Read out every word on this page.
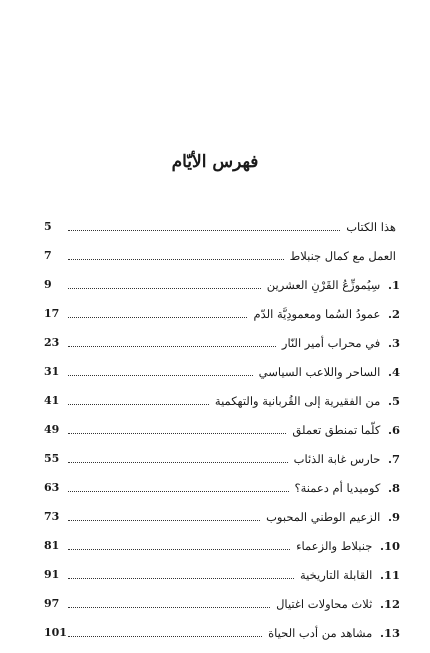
فهرس الأيّام
هذا الكتاب
5
العمل مع كمال جنبلاط
7
1. سِيُموزِّعُ القَرْنِ العشرين
9
2. عمودُ السُما ومعمودِيَّة الدّم
17
3. في محراب أمير النّار
23
4. الساحر واللاعب السياسي
31
5. من الفقيرية إلى القُربانية والتهكمية
41
6. كلّما تمنطق تعملق
49
7. حارس غابة الذئاب
55
8. كوميديا أم دعمنة؟
63
9. الزعيم الوطني المحبوب
73
10. جنبلاط والزعماء
81
11. القابلة التاريخية
91
12. ثلاث محاولات اغتيال
97
13. مشاهد من أدب الحياة
101
